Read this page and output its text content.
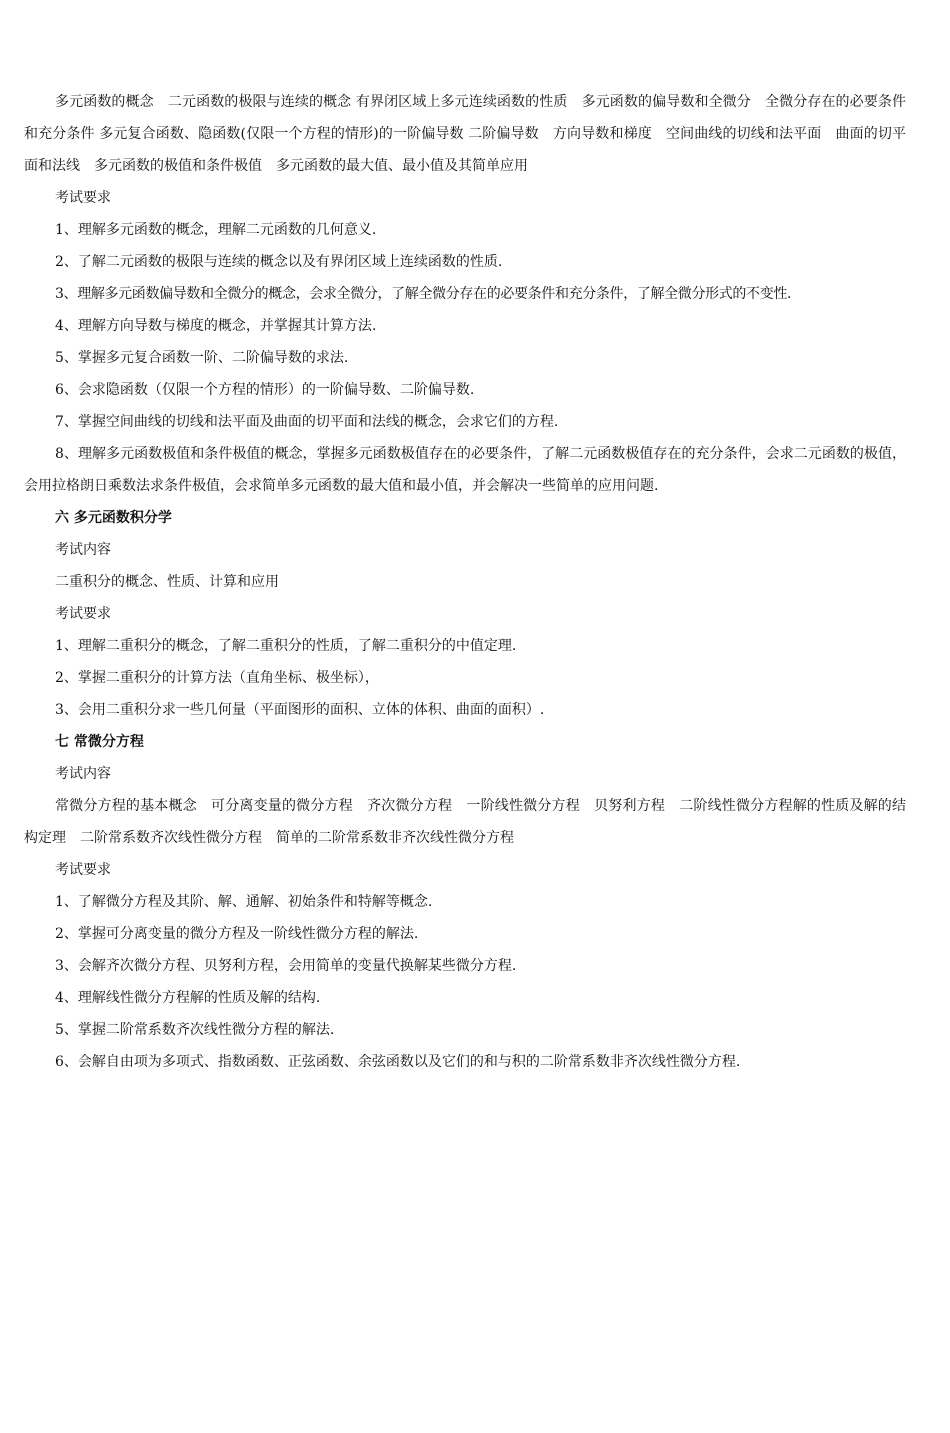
多元函数的概念　二元函数的极限与连续的概念 有界闭区域上多元连续函数的性质　多元函数的偏导数和全微分　全微分存在的必要条件和充分条件 多元复合函数、隐函数(仅限一个方程的情形)的一阶偏导数 二阶偏导数　方向导数和梯度　空间曲线的切线和法平面　曲面的切平面和法线　多元函数的极值和条件极值　多元函数的最大值、最小值及其简单应用

考试要求

1、理解多元函数的概念，理解二元函数的几何意义.

2、了解二元函数的极限与连续的概念以及有界闭区域上连续函数的性质.

3、理解多元函数偏导数和全微分的概念，会求全微分，了解全微分存在的必要条件和充分条件，了解全微分形式的不变性.

4、理解方向导数与梯度的概念，并掌握其计算方法.

5、掌握多元复合函数一阶、二阶偏导数的求法.

6、会求隐函数（仅限一个方程的情形）的一阶偏导数、二阶偏导数.

7、掌握空间曲线的切线和法平面及曲面的切平面和法线的概念，会求它们的方程.

8、理解多元函数极值和条件极值的概念，掌握多元函数极值存在的必要条件，了解二元函数极值存在的充分条件，会求二元函数的极值，会用拉格朗日乘数法求条件极值，会求简单多元函数的最大值和最小值，并会解决一些简单的应用问题.

六 多元函数积分学

考试内容

二重积分的概念、性质、计算和应用

考试要求

1、理解二重积分的概念，了解二重积分的性质，了解二重积分的中值定理.

2、掌握二重积分的计算方法（直角坐标、极坐标），

3、会用二重积分求一些几何量（平面图形的面积、立体的体积、曲面的面积）.

七 常微分方程

考试内容

常微分方程的基本概念　可分离变量的微分方程　齐次微分方程　一阶线性微分方程　贝努利方程　二阶线性微分方程解的性质及解的结构定理　二阶常系数齐次线性微分方程　简单的二阶常系数非齐次线性微分方程

考试要求

1、了解微分方程及其阶、解、通解、初始条件和特解等概念.

2、掌握可分离变量的微分方程及一阶线性微分方程的解法.

3、会解齐次微分方程、贝努利方程，会用简单的变量代换解某些微分方程.

4、理解线性微分方程解的性质及解的结构.

5、掌握二阶常系数齐次线性微分方程的解法.

6、会解自由项为多项式、指数函数、正弦函数、余弦函数以及它们的和与积的二阶常系数非齐次线性微分方程.
